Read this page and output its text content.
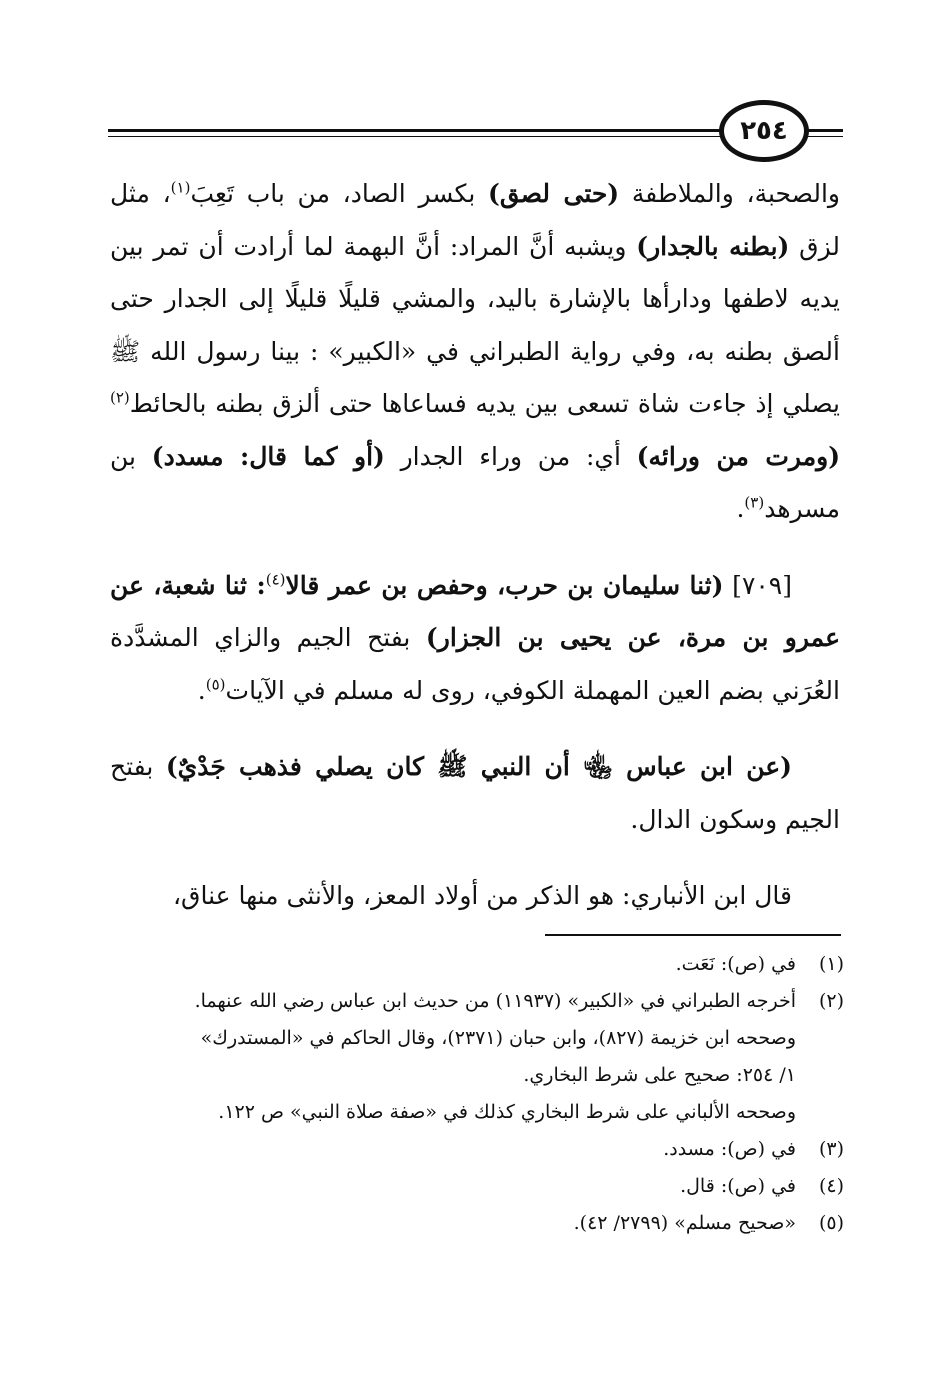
٢٥٤

والصحبة، والملاطفة (حتى لصق) بكسر الصاد، من باب تَعِبَ$^{(١)}$، مثل لزق (بطنه بالجدار) ويشبه أنَّ المراد: أنَّ البهمة لما أرادت أن تمر بين يديه لاطفها ودارأها بالإشارة باليد، والمشي قليلًا قليلًا إلى الجدار حتى ألصق بطنه به، وفي رواية الطبراني في «الكبير» : بينا رسول الله ﷺ يصلي إذ جاءت شاة تسعى بين يديه فساعاها حتى ألزق بطنه بالحائط$^{(٢)}$ (ومرت من ورائه) أي: من وراء الجدار (أو كما قال: مسدد) بن مسرهد$^{(٣)}$.

[٧٠٩] (ثنا سليمان بن حرب، وحفص بن عمر قالا$^{(٤)}$: ثنا شعبة، عن عمرو بن مرة، عن يحيى بن الجزار) بفتح الجيم والزاي المشدَّدة العُرَني بضم العين المهملة الكوفي، روى له مسلم في الآيات$^{(٥)}$.

(عن ابن عباس ﵄ أن النبي ﷺ كان يصلي فذهب جَدْيٌ) بفتح الجيم وسكون الدال.

قال ابن الأنباري: هو الذكر من أولاد المعز، والأنثى منها عناق،

(١)
في (ص): نَعَت.
(٢)
أخرجه الطبراني في «الكبير» (١١٩٣٧) من حديث ابن عباس رضي الله عنهما.
وصححه ابن خزيمة (٨٢٧)، وابن حبان (٢٣٧١)، وقال الحاكم في «المستدرك»
١/ ٢٥٤: صحيح على شرط البخاري.
وصححه الألباني على شرط البخاري كذلك في «صفة صلاة النبي» ص ١٢٢.
(٣)
في (ص): مسدد.
(٤)
في (ص): قال.
(٥)
«صحيح مسلم» (٢٧٩٩/ ٤٢).
